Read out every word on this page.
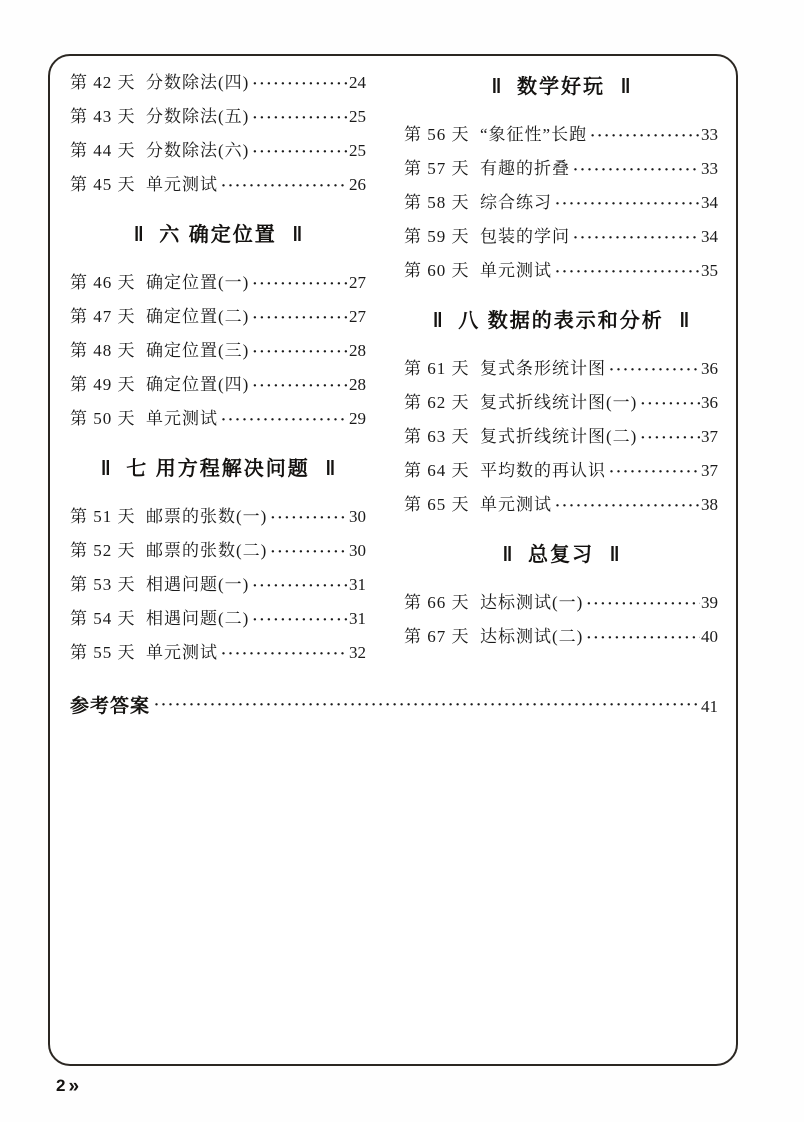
第 42 天 分数除法(四) ·····	24
第 43 天 分数除法(五) ·····	25
第 44 天 分数除法(六) ·····	25
第 45 天 单元测试 ·····	26
‖ 六 确定位置 ‖
第 46 天 确定位置(一) ·····	27
第 47 天 确定位置(二) ·····	27
第 48 天 确定位置(三) ·····	28
第 49 天 确定位置(四) ·····	28
第 50 天 单元测试 ·····	29
‖ 七 用方程解决问题 ‖
第 51 天 邮票的张数(一) ·····	30
第 52 天 邮票的张数(二) ·····	30
第 53 天 相遇问题(一) ·····	31
第 54 天 相遇问题(二) ·····	31
第 55 天 单元测试 ·····	32
‖ 数学好玩 ‖
第 56 天 “象征性”长跑 ·····	33
第 57 天 有趣的折叠 ·····	33
第 58 天 综合练习 ·····	34
第 59 天 包装的学问 ·····	34
第 60 天 单元测试 ·····	35
‖ 八 数据的表示和分析 ‖
第 61 天 复式条形统计图 ·····	36
第 62 天 复式折线统计图(一) ·····	36
第 63 天 复式折线统计图(二) ·····	37
第 64 天 平均数的再认识 ·····	37
第 65 天 单元测试 ·····	38
‖ 总复习 ‖
第 66 天 达标测试(一) ·····	39
第 67 天 达标测试(二) ·····	40
参考答案 ·····	41
2 »
